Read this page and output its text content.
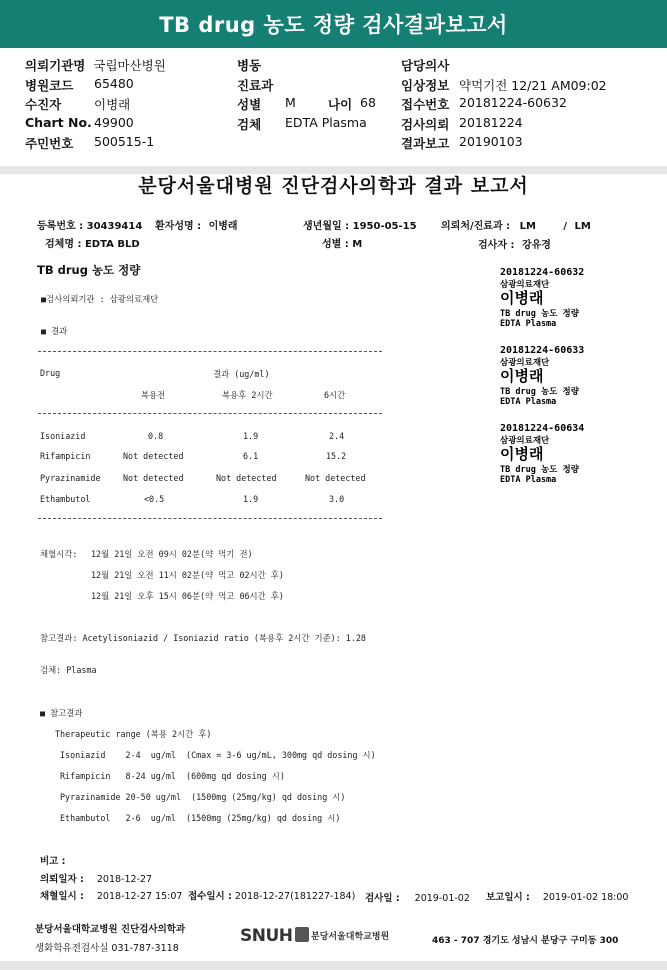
TB drug 농도 정량 검사결과보고서
의뢰기관명 국립마산병원
병원코드 65480
수진자	이병래
Chart No. 49900
주민번호 500515-1
병동
진료과
성별 M	나이 68
검체 EDTA Plasma
담당의사
임상정보 약먹기전 12/21 AM09:02
접수번호 20181224-60632
검사의뢰 20181224
결과보고 20190103
분당서울대병원 진단검사의학과 결과 보고서
등록번호 : 30439414 환자성명 : 이병래	생년월일 : 1950-05-15 의뢰처/진료과 : LM	/ LM
검체명 : EDTA BLD	성별 : M	검사자 : 강유경
TB drug 농도 정량
■검사의뢰기관 : 삼광의료재단
■ 결과
Drug	결과 (ug/ml)
복용전	복용후 2시간	6시간
Isoniazid	0.8	1.9	2.4
Rifampicin	Not detected	6.1	15.2
Pyrazinamide	Not detected	Not detected	Not detected
Ethambutol	<0.5	1.9	3.0
채혈시각: 12월 21일 오전 09시 02분(약 먹기 전)
12월 21일 오전 11시 02분(약 먹고 02시간 후)
12월 21일 오후 15시 06분(약 먹고 06시간 후)
참고결과: Acetylisoniazid / Isoniazid ratio (복용후 2시간 기준): 1.28
검체: Plasma
■ 참고결과
Therapeutic range (복용 2시간 후)
Isoniazid    2-4  ug/ml  (Cmax = 3-6 ug/mL, 300mg qd dosing 시)
Rifampicin   8-24 ug/ml  (600mg qd dosing 시)
Pyrazinamide 20-50 ug/ml  (1500mg (25mg/kg) qd dosing 시)
Ethambutol   2-6  ug/ml  (1500mg (25mg/kg) qd dosing 시)
비고 :
의뢰일자 : 2018-12-27
채혈일시 : 2018-12-27 15:07 접수일시 : 2018-12-27(181227-184) 검사일 : 2019-01-02 보고일시 : 2019-01-02 18:00
20181224-60632
삼광의료재단
이병래
TB drug 농도 정량
EDTA Plasma
20181224-60633
삼광의료재단
이병래
TB drug 농도 정량
EDTA Plasma
20181224-60634
삼광의료재단
이병래
TB drug 농도 정량
EDTA Plasma
분당서울대학교병원 진단검사의학과
생화학유전검사실 031-787-3118
SNUH 분당서울대학교병원	463 - 707 경기도 성남시 분당구 구미동 300
